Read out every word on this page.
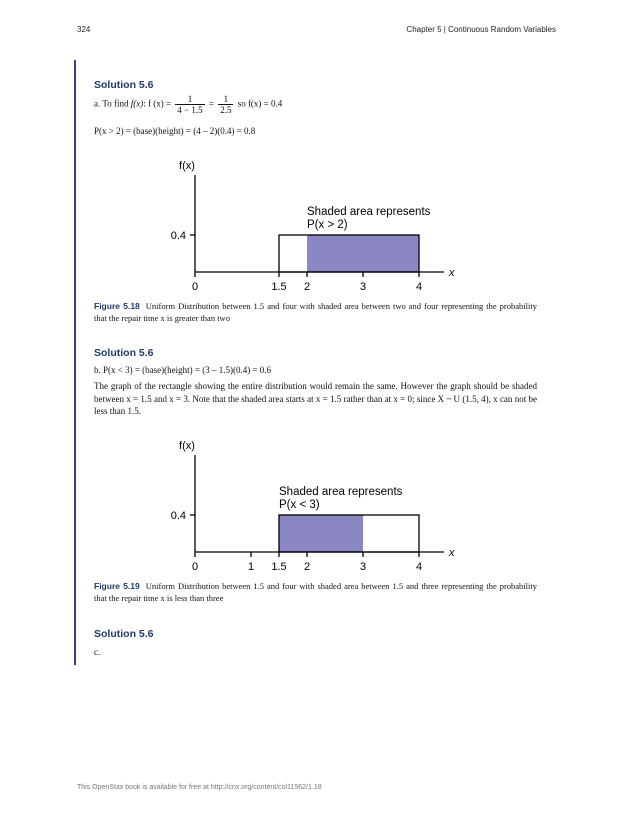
324	Chapter 5 | Continuous Random Variables
Solution 5.6
a. To find f(x): f $(x) = \frac{1}{4 - 1.5} = \frac{1}{2.5}$ so f(x) = 0.4
P(x > 2) = (base)(height) = (4 – 2)(0.4) = 0.8
0.4
0	1.5 2	3	4
f(x)
x
Shaded area represents
P(x > 2)
Figure 5.18 Uniform Distribution between 1.5 and four with shaded area between two and four representing the probability that the repair time x is greater than two
Solution 5.6
b. P(x < 3) = (base)(height) = (3 – 1.5)(0.4) = 0.6
The graph of the rectangle showing the entire distribution would remain the same. However the graph should be shaded between x = 1.5 and x = 3. Note that the shaded area starts at x = 1.5 rather than at x = 0; since X ~ U (1.5, 4), x can not be less than 1.5.
0.4
0	1 1.5 2	3	4
f(x)
x
Shaded area represents
P(x < 3)
Figure 5.19 Uniform Distribution between 1.5 and four with shaded area between 1.5 and three representing the probability that the repair time x is less than three
Solution 5.6
c.
This OpenStax book is available for free at http://cnx.org/content/col11562/1.18
